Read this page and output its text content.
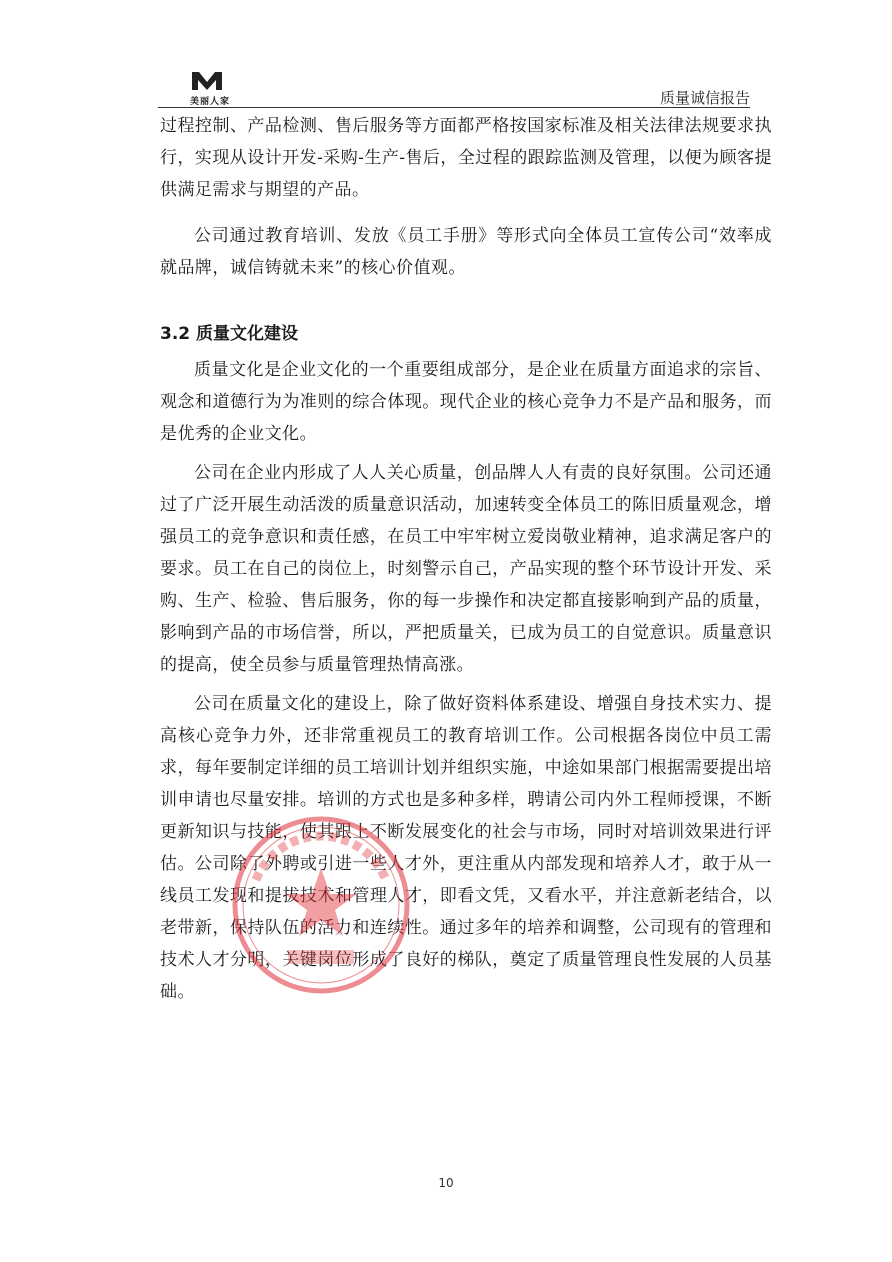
美丽人家	质量诚信报告

过程控制、产品检测、售后服务等方面都严格按国家标准及相关法律法规要求执行，实现从设计开发-采购-生产-售后，全过程的跟踪监测及管理，以便为顾客提供满足需求与期望的产品。

公司通过教育培训、发放《员工手册》等形式向全体员工宣传公司“效率成就品牌，诚信铸就未来”的核心价值观。

3.2 质量文化建设

质量文化是企业文化的一个重要组成部分，是企业在质量方面追求的宗旨、观念和道德行为为准则的综合体现。现代企业的核心竞争力不是产品和服务，而是优秀的企业文化。

公司在企业内形成了人人关心质量，创品牌人人有责的良好氛围。公司还通过了广泛开展生动活泼的质量意识活动，加速转变全体员工的陈旧质量观念，增强员工的竞争意识和责任感，在员工中牢牢树立爱岗敬业精神，追求满足客户的要求。员工在自己的岗位上，时刻警示自己，产品实现的整个环节设计开发、采购、生产、检验、售后服务，你的每一步操作和决定都直接影响到产品的质量，影响到产品的市场信誉，所以，严把质量关，已成为员工的自觉意识。质量意识的提高，使全员参与质量管理热情高涨。

公司在质量文化的建设上，除了做好资料体系建设、增强自身技术实力、提高核心竞争力外，还非常重视员工的教育培训工作。公司根据各岗位中员工需求，每年要制定详细的员工培训计划并组织实施，中途如果部门根据需要提出培训申请也尽量安排。培训的方式也是多种多样，聘请公司内外工程师授课，不断更新知识与技能，使其跟上不断发展变化的社会与市场，同时对培训效果进行评估。公司除了外聘或引进一些人才外，更注重从内部发现和培养人才，敢于从一线员工发现和提拔技术和管理人才，即看文凭，又看水平，并注意新老结合，以老带新，保持队伍的活力和连续性。通过多年的培养和调整，公司现有的管理和技术人才分明，关键岗位形成了良好的梯队，奠定了质量管理良性发展的人员基础。

10
